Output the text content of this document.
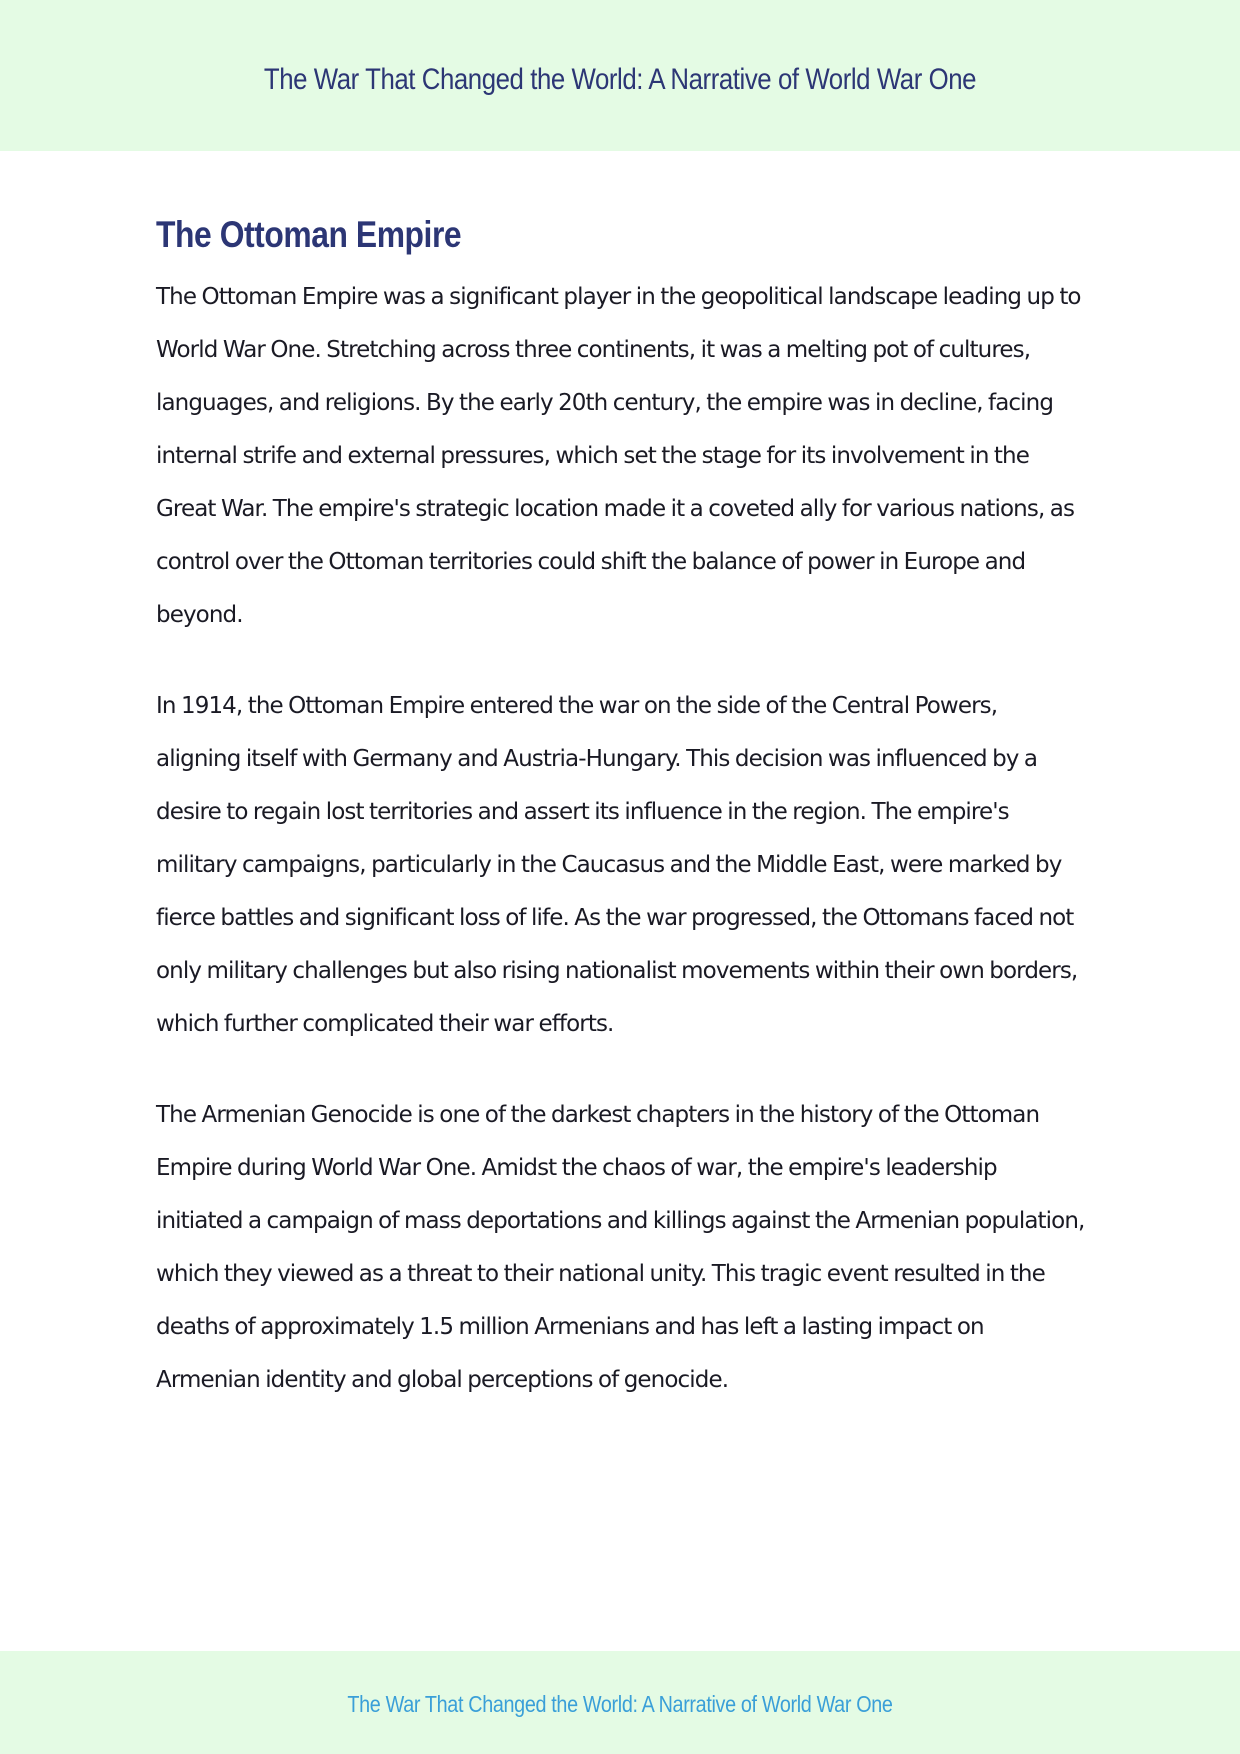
The War That Changed the World: A Narrative of World War One
The Ottoman Empire

The Ottoman Empire was a significant player in the geopolitical landscape leading up to World War One. Stretching across three continents, it was a melting pot of cultures, languages, and religions. By the early 20th century, the empire was in decline, facing internal strife and external pressures, which set the stage for its involvement in the Great War. The empire's strategic location made it a coveted ally for various nations, as control over the Ottoman territories could shift the balance of power in Europe and beyond.

In 1914, the Ottoman Empire entered the war on the side of the Central Powers, aligning itself with Germany and Austria-Hungary. This decision was influenced by a desire to regain lost territories and assert its influence in the region. The empire's military campaigns, particularly in the Caucasus and the Middle East, were marked by fierce battles and significant loss of life. As the war progressed, the Ottomans faced not only military challenges but also rising nationalist movements within their own borders, which further complicated their war efforts.

The Armenian Genocide is one of the darkest chapters in the history of the Ottoman Empire during World War One. Amidst the chaos of war, the empire's leadership initiated a campaign of mass deportations and killings against the Armenian population, which they viewed as a threat to their national unity. This tragic event resulted in the deaths of approximately 1.5 million Armenians and has left a lasting impact on Armenian identity and global perceptions of genocide.

The War That Changed the World: A Narrative of World War One
